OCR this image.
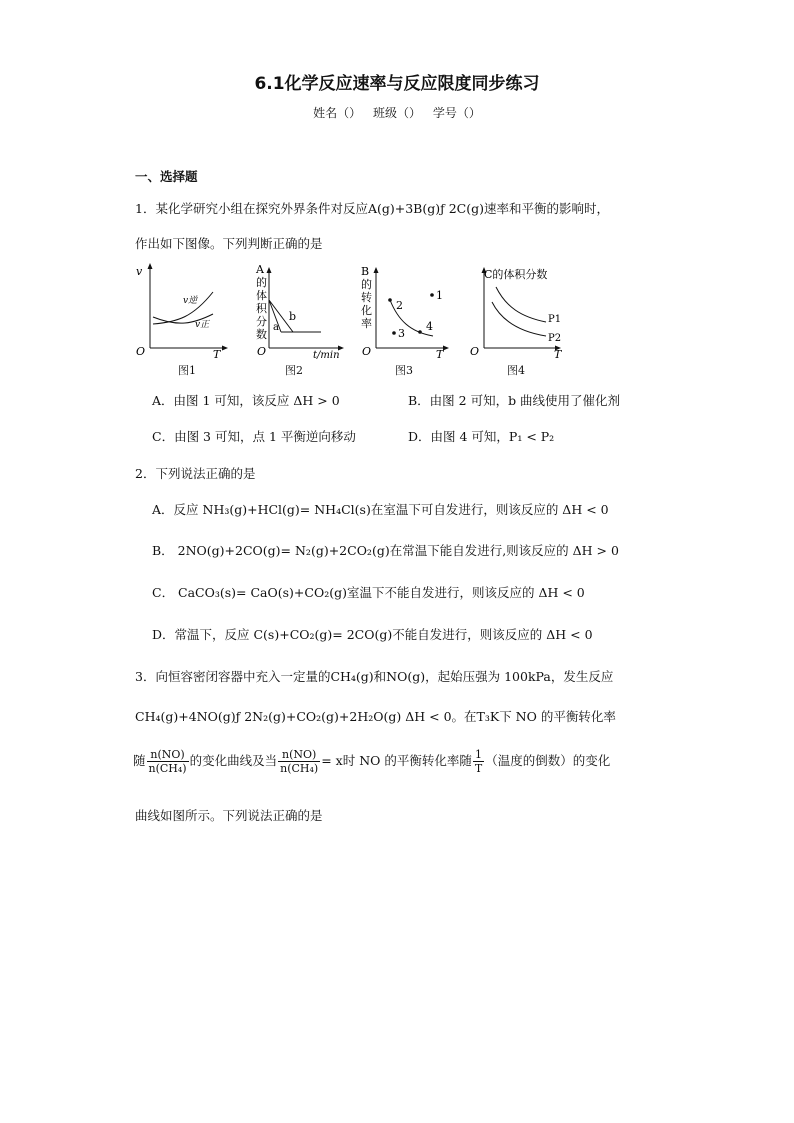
6.1化学反应速率与反应限度同步练习
姓名（） 班级（） 学号（）
一、选择题
1．某化学研究小组在探究外界条件对反应A(g)+3B(g)ƒ 2C(g)速率和平衡的影响时，
作出如下图像。下列判断正确的是
v
T
O
v逆
v正
图1
A
的
体
积
分
数
t/min
O
a
b
图2
B
的
转
化
率
T
O
1
2
3
4
图3
C的体积分数
T
O
P1
P2
图4
A．由图 1 可知，该反应 ΔH > 0	B．由图 2 可知，b 曲线使用了催化剂
C．由图 3 可知，点 1 平衡逆向移动	D．由图 4 可知，P₁ < P₂
2．下列说法正确的是
A．反应 NH₃(g)+HCl(g)= NH₄Cl(s)在室温下可自发进行，则该反应的 ΔH < 0
B． 2NO(g)+2CO(g)= N₂(g)+2CO₂(g)在常温下能自发进行,则该反应的 ΔH > 0
C． CaCO₃(s)= CaO(s)+CO₂(g)室温下不能自发进行，则该反应的 ΔH < 0
D．常温下，反应 C(s)+CO₂(g)= 2CO(g)不能自发进行，则该反应的 ΔH < 0
3．向恒容密闭容器中充入一定量的CH₄(g)和NO(g)，起始压强为 100kPa，发生反应
CH₄(g)+4NO(g)ƒ 2N₂(g)+CO₂(g)+2H₂O(g) ΔH < 0。在T₃K下 NO 的平衡转化率
随 $\frac{n(NO)}{\text{n(CH₄)}}$ 的变化曲线及当 $\frac{n(NO)}{\text{n(CH₄)}} = x$时 NO 的平衡转化率随 $\frac{1}{T}$ （温度的倒数）的变化
曲线如图所示。下列说法正确的是
